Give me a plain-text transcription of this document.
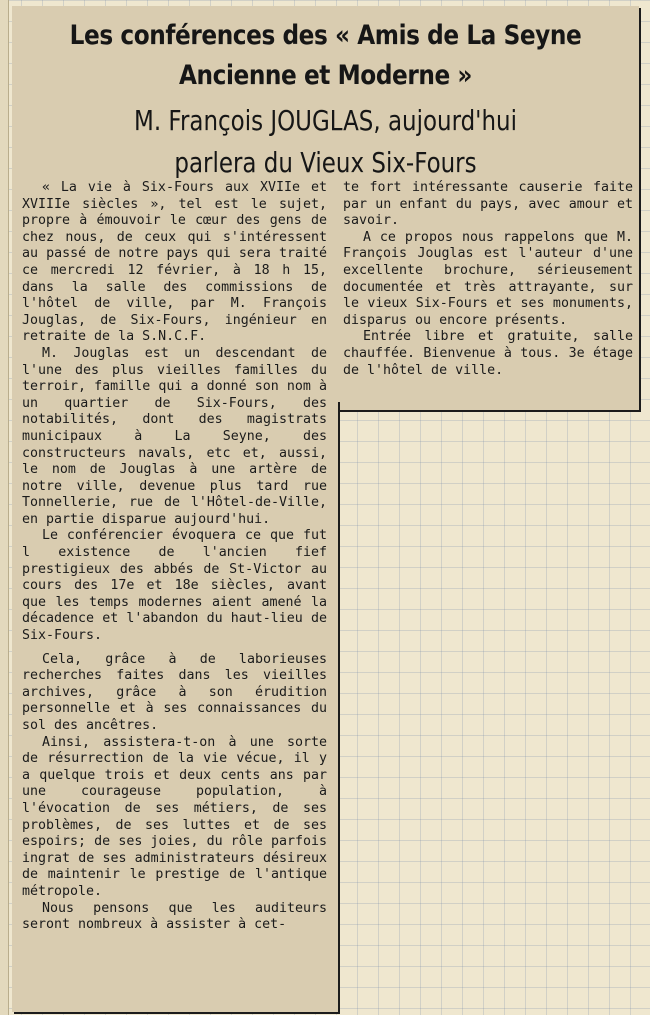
Les conférences des « Amis de La Seyne
Ancienne et Moderne »
M. François JOUGLAS, aujourd'hui
parlera du Vieux Six-Fours

« La vie à Six-Fours aux XVIIe et XVIIIe siècles », tel est le sujet, propre à émouvoir le cœur des gens de chez nous, de ceux qui s'intéressent au passé de notre pays qui sera traité ce mercredi 12 février, à 18 h 15, dans la salle des commissions de l'hôtel de ville, par M. François Jouglas, de Six-Fours, ingénieur en retraite de la S.N.C.F.

M. Jouglas est un descendant de l'une des plus vieilles familles du terroir, famille qui a donné son nom à un quartier de Six-Fours, des notabilités, dont des magistrats municipaux à La Seyne, des constructeurs navals, etc et, aussi, le nom de Jouglas à une artère de notre ville, devenue plus tard rue Tonnellerie, rue de l'Hôtel-de-Ville, en partie disparue aujourd'hui.

Le conférencier évoquera ce que fut l existence de l'ancien fief prestigieux des abbés de St-Victor au cours des 17e et 18e siècles, avant que les temps modernes aient amené la décadence et l'abandon du haut-lieu de Six-Fours.

Cela, grâce à de laborieuses recherches faites dans les vieilles archives, grâce à son érudition personnelle et à ses connaissances du sol des ancêtres.

Ainsi, assistera-t-on à une sorte de résurrection de la vie vécue, il y a quelque trois et deux cents ans par une courageuse population, à l'évocation de ses métiers, de ses problèmes, de ses luttes et de ses espoirs; de ses joies, du rôle parfois ingrat de ses administrateurs désireux de maintenir le prestige de l'antique métropole.

Nous pensons que les auditeurs seront nombreux à assister à cet-

te fort intéressante causerie faite par un enfant du pays, avec amour et savoir.

A ce propos nous rappelons que M. François Jouglas est l'auteur d'une excellente brochure, sérieusement documentée et très attrayante, sur le vieux Six-Fours et ses monuments, disparus ou encore présents.

Entrée libre et gratuite, salle chauffée. Bienvenue à tous. 3e étage de l'hôtel de ville.
